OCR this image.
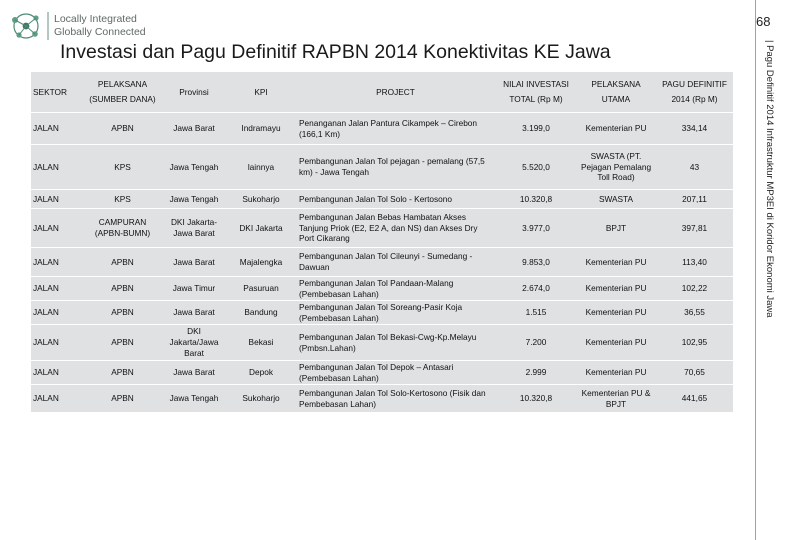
Locally Integrated
Globally Connected
Investasi dan Pagu Definitif RAPBN 2014 Konektivitas KE Jawa
68
| Pagu Definitif 2014 Infrastruktur MP3EI di Koridor Ekonomi Jawa
SEKTOR	PELAKSANA (SUMBER DANA)	Provinsi	KPI	PROJECT	NILAI INVESTASI TOTAL (Rp M)	PELAKSANA UTAMA	PAGU DEFINITIF 2014 (Rp M)
JALAN	APBN	Jawa Barat	Indramayu	Penanganan Jalan Pantura Cikampek – Cirebon (166,1 Km)	3.199,0	Kementerian PU	334,14
JALAN	KPS	Jawa Tengah	lainnya	Pembangunan Jalan Tol pejagan - pemalang (57,5 km) - Jawa Tengah	5.520,0	SWASTA (PT. Pejagan Pemalang Toll Road)	43
JALAN	KPS	Jawa Tengah	Sukoharjo	Pembangunan Jalan Tol Solo - Kertosono	10.320,8	SWASTA	207,11
JALAN	CAMPURAN (APBN-BUMN)	DKI Jakarta-Jawa Barat	DKI Jakarta	Pembangunan Jalan Bebas Hambatan Akses Tanjung Priok (E2, E2 A, dan NS) dan Akses Dry Port Cikarang	3.977,0	BPJT	397,81
JALAN	APBN	Jawa Barat	Majalengka	Pembangunan Jalan Tol Cileunyi - Sumedang - Dawuan	9.853,0	Kementerian PU	113,40
JALAN	APBN	Jawa Timur	Pasuruan	Pembangunan Jalan Tol Pandaan-Malang (Pembebasan Lahan)	2.674,0	Kementerian PU	102,22
JALAN	APBN	Jawa Barat	Bandung	Pembangunan Jalan Tol Soreang-Pasir Koja (Pembebasan Lahan)	1.515	Kementerian PU	36,55
JALAN	APBN	DKI Jakarta/Jawa Barat	Bekasi	Pembangunan Jalan Tol Bekasi-Cwg-Kp.Melayu (Pmbsn.Lahan)	7.200	Kementerian PU	102,95
JALAN	APBN	Jawa Barat	Depok	Pembangunan Jalan Tol Depok – Antasari (Pembebasan Lahan)	2.999	Kementerian PU	70,65
JALAN	APBN	Jawa Tengah	Sukoharjo	Pembangunan Jalan Tol Solo-Kertosono (Fisik dan Pembebasan Lahan)	10.320,8	Kementerian PU & BPJT	441,65
